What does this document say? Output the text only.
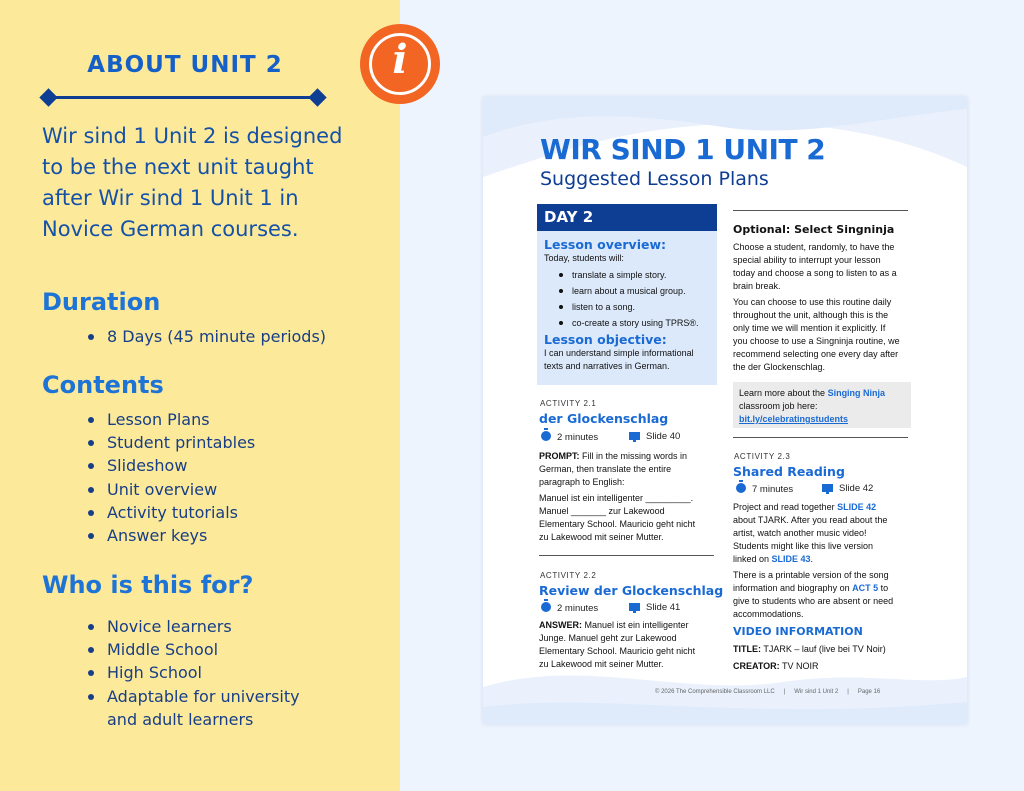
ABOUT UNIT 2
Wir sind 1 Unit 2 is designed
to be the next unit taught
after Wir sind 1 Unit 1 in
Novice German courses.
Duration
8 Days (45 minute periods)
Contents
Lesson Plans
Student printables
Slideshow
Unit overview
Activity tutorials
Answer keys
Who is this for?
Novice learners
Middle School
High School
Adaptable for university
and adult learners
i
WIR SIND 1 UNIT 2
Suggested Lesson Plans
DAY 2
Lesson overview:
Today, students will:
translate a simple story.
learn about a musical group.
listen to a song.
co-create a story using TPRS®.
Lesson objective:
I can understand simple informational
texts and narratives in German.
ACTIVITY 2.1
der Glockenschlag
2 minutes	Slide 40
PROMPT: Fill in the missing words in
German, then translate the entire
paragraph to English:
Manuel ist ein intelligenter _________.
Manuel _______ zur Lakewood
Elementary School. Mauricio geht nicht
zu Lakewood mit seiner Mutter.
ACTIVITY 2.2
Review der Glockenschlag
2 minutes	Slide 41
ANSWER: Manuel ist ein intelligenter
Junge. Manuel geht zur Lakewood
Elementary School. Mauricio geht nicht
zu Lakewood mit seiner Mutter.
Optional: Select Singninja
Choose a student, randomly, to have the
special ability to interrupt your lesson
today and choose a song to listen to as a
brain break.
You can choose to use this routine daily
throughout the unit, although this is the
only time we will mention it explicitly. If
you choose to use a Singninja routine, we
recommend selecting one every day after
the der Glockenschlag.
Learn more about the Singing Ninja
classroom job here:
bit.ly/celebratingstudents
ACTIVITY 2.3
Shared Reading
7 minutes	Slide 42
Project and read together SLIDE 42
about TJARK. After you read about the
artist, watch another music video!
Students might like this live version
linked on SLIDE 43.
There is a printable version of the song
information and biography on ACT 5 to
give to students who are absent or need
accommodations.
VIDEO INFORMATION
TITLE: TJARK – lauf (live bei TV Noir)
CREATOR: TV NOIR
© 2026 The Comprehensible Classroom LLC | Wir sind 1 Unit 2 | Page 16
